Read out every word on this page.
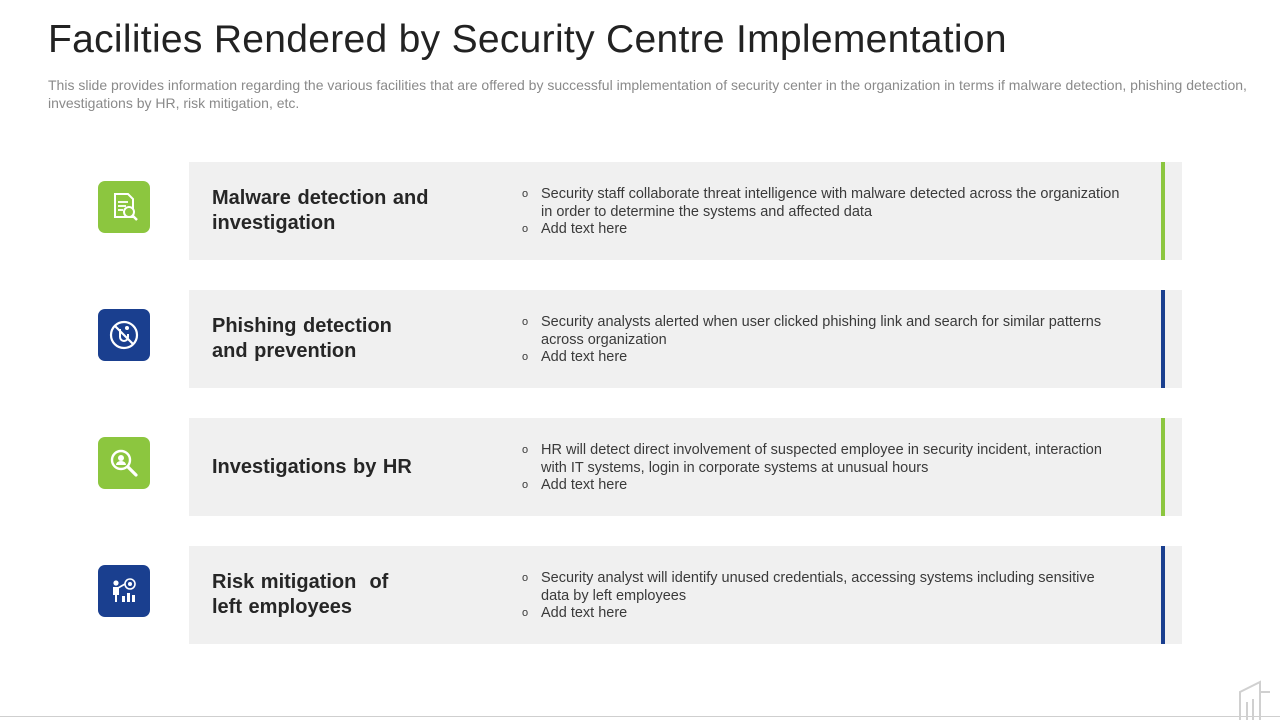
Facilities Rendered by Security Centre Implementation
This slide provides information regarding the various facilities that are offered by successful implementation of security center in the organization in terms if malware detection, phishing detection, investigations by HR, risk mitigation, etc.
Malware detection and
investigation
o Security staff collaborate threat intelligence with malware detected across the organization in order to determine the systems and affected data
o Add text here
Phishing detection
and prevention
o Security analysts alerted when user clicked phishing link and search for similar patterns across organization
o Add text here
Investigations by HR
o HR will detect direct involvement of suspected employee in security incident, interaction with IT systems, login in corporate systems at unusual hours
o Add text here
Risk mitigation  of
left employees
o Security analyst will identify unused credentials, accessing systems including sensitive data by left employees
o Add text here
